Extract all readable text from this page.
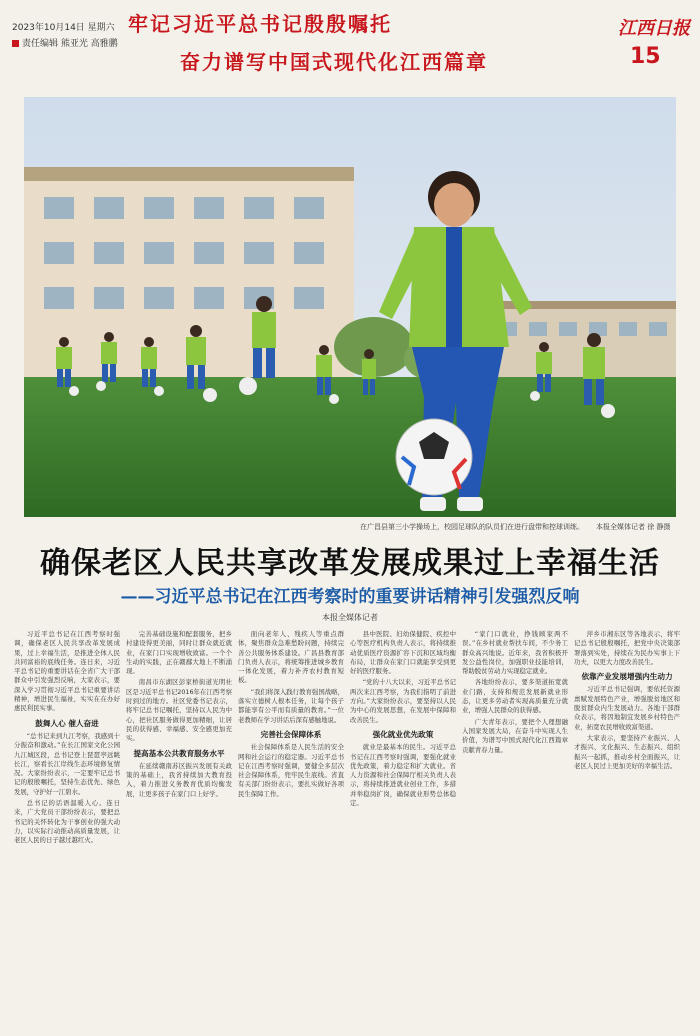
2023年10月14日 星期六
责任编辑 熊亚光 高雅鹏
牢记习近平总书记殷殷嘱托
奋力谱写中国式现代化江西篇章
江西日报
15
在广昌县第三小学操场上，校园足球队的队员们在进行盘带和控球训练。 本报全媒体记者 徐 静摄
确保老区人民共享改革发展成果过上幸福生活
——习近平总书记在江西考察时的重要讲话精神引发强烈反响
本报全媒体记者

习近平总书记在江西考察时强调，确保老区人民共享改革发展成果，过上幸福生活，是推进全体人民共同富裕的底线任务。连日来，习近平总书记的重要讲话在全省广大干部群众中引发强烈反响，大家表示，要深入学习贯彻习近平总书记重要讲话精神，增进民生福祉，实实在在办好惠民利民实事。

鼓舞人心 催人奋进

“总书记来到九江考察，我感到十分振奋和激动。”在长江国家文化公园九江城区段，总书记登上琵琶亭远眺长江，察看长江岸线生态环境修复情况。大家纷纷表示，一定要牢记总书记的殷殷嘱托，坚持生态优先、绿色发展，守护好一江碧水。

总书记的话语温暖人心。连日来，广大党员干部纷纷表示，要把总书记的关怀转化为干事创业的强大动力，以实际行动推动高质量发展，让老区人民的日子越过越红火。

完善基础设施和配套服务，把乡村建设得更美丽，同时让群众就近就业，在家门口实现增收致富。一个个生动的实践，正在赣鄱大地上不断涌现。

南昌市东湖区彭家桥街道光明社区是习近平总书记2016年在江西考察时到过的地方。社区党委书记表示，将牢记总书记嘱托，坚持以人民为中心，把社区服务做得更加精细，让居民的获得感、幸福感、安全感更加充实。

提高基本公共教育服务水平

在延续赣南苏区振兴发展有关政策的基础上，我省持续加大教育投入，着力推进义务教育优质均衡发展，让更多孩子在家门口上好学。

面向老年人、残疾人等重点群体，聚焦群众急难愁盼问题，持续完善公共服务体系建设。广昌县教育部门负责人表示，将统筹推进城乡教育一体化发展，着力补齐农村教育短板。

“我们将深入践行教育强国战略，落实立德树人根本任务，让每个孩子都能享有公平而有质量的教育。”一位老教师在学习讲话后深有感触地说。

完善社会保障体系

社会保障体系是人民生活的安全网和社会运行的稳定器。习近平总书记在江西考察时强调，要健全多层次社会保障体系，兜牢民生底线。省直有关部门纷纷表示，要扎实做好各项民生保障工作。

县中医院、妇幼保健院、疾控中心等医疗机构负责人表示，将持续推动优质医疗资源扩容下沉和区域均衡布局，让群众在家门口就能享受到更好的医疗服务。

“党的十八大以来，习近平总书记两次来江西考察，为我们指明了前进方向。”大家纷纷表示，要坚持以人民为中心的发展思想，在发展中保障和改善民生。

强化就业优先政策

就业是最基本的民生。习近平总书记在江西考察时强调，要强化就业优先政策，着力稳定和扩大就业。省人力资源和社会保障厅相关负责人表示，将持续推进就业创业工作，多措并举稳岗扩岗，确保就业形势总体稳定。

“家门口就业，挣钱顾家两不误。”在乡村就业帮扶车间，不少务工群众高兴地说。近年来，我省积极开发公益性岗位，加强职业技能培训，帮助脱贫劳动力实现稳定就业。

各地纷纷表示，要多渠道拓宽就业门路，支持和规范发展新就业形态，让更多劳动者实现高质量充分就业，增强人民群众的获得感。

广大青年表示，要把个人理想融入国家发展大局，在奋斗中实现人生价值，为谱写中国式现代化江西篇章贡献青春力量。

萍乡市湘东区等各地表示，将牢记总书记殷殷嘱托，把党中央决策部署落到实处，持续在为民办实事上下功夫，以更大力度改善民生。

依靠产业发展增强内生动力

习近平总书记强调，要依托资源禀赋发展特色产业，增强脱贫地区和脱贫群众内生发展动力。各地干部群众表示，将因地制宜发展乡村特色产业，拓宽农民增收致富渠道。

大家表示，要坚持产业振兴、人才振兴、文化振兴、生态振兴、组织振兴一起抓，推动乡村全面振兴，让老区人民过上更加美好的幸福生活。
